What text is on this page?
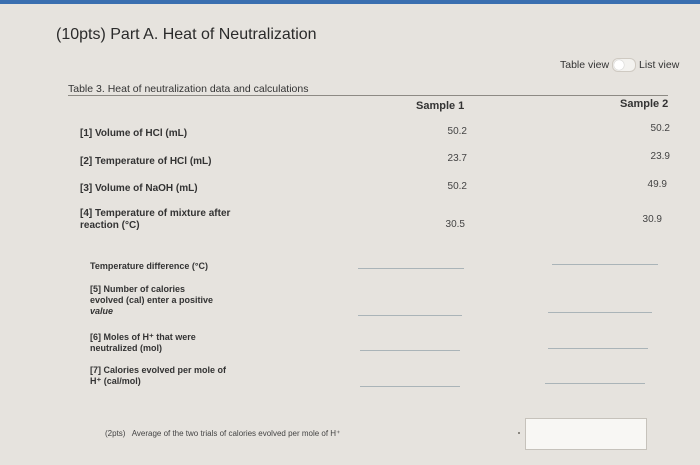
(10pts) Part A. Heat of Neutralization
Table view	List view
Table 3. Heat of neutralization data and calculations
Sample 1	Sample 2
[1] Volume of HCl (mL)	50.2	50.2
[2] Temperature of HCl (mL)	23.7	23.9
[3] Volume of NaOH (mL)	50.2	49.9
[4] Temperature of mixture after
reaction (°C)	30.5	30.9
Temperature difference (°C)
[5] Number of calories
evolved (cal) enter a positive
value
[6] Moles of H⁺ that were
neutralized (mol)
[7] Calories evolved per mole of
H⁺ (cal/mol)
(2pts) Average of the two trials of calories evolved per mole of H⁺
